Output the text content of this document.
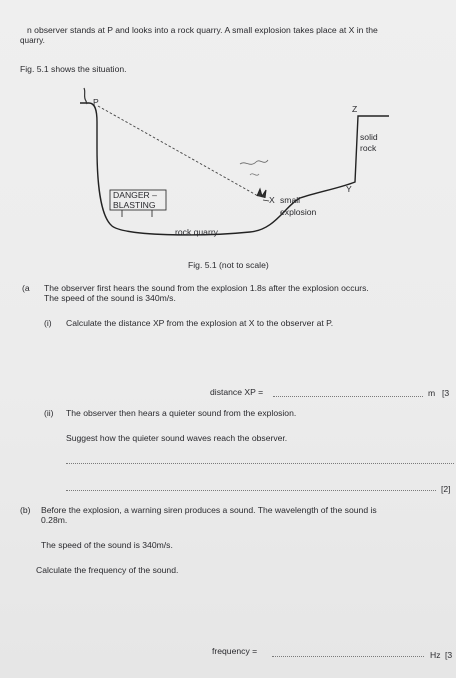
n observer stands at P and looks into a rock quarry. A small explosion takes place at X in the
quarry.
Fig. 5.1 shows the situation.
P
Z
solid
rock
Y
X small
explosion
DANGER –
BLASTING
rock quarry
Fig. 5.1 (not to scale)
(a The observer first hears the sound from the explosion 1.8s after the explosion occurs.
The speed of the sound is 340m/s.
(i) Calculate the distance XP from the explosion at X to the observer at P.
distance XP =	m [3
(ii) The observer then hears a quieter sound from the explosion.
Suggest how the quieter sound waves reach the observer.
[2]
(b) Before the explosion, a warning siren produces a sound. The wavelength of the sound is
0.28m.
The speed of the sound is 340m/s.
Calculate the frequency of the sound.
frequency =	Hz [3
